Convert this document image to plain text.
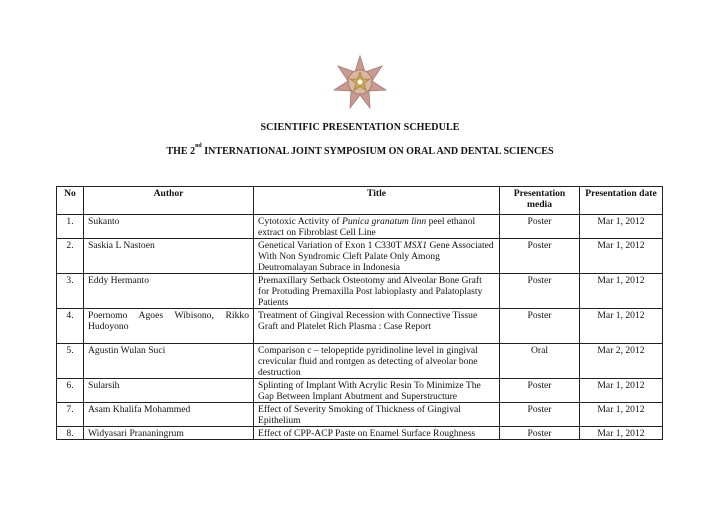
SCIENTIFIC PRESENTATION SCHEDULE
THE 2nd INTERNATIONAL JOINT SYMPOSIUM ON ORAL AND DENTAL SCIENCES
No	Author	Title	Presentation media	Presentation date
1.	Sukanto	Cytotoxic Activity of Punica granatum linn peel ethanol extract on Fibroblast Cell Line	Poster	Mar 1, 2012
2.	Saskia L Nastoen	Genetical Variation of Exon 1 C330T MSX1 Gene Associated With Non Syndromic Cleft Palate Only Among Deutromalayan Subrace in Indonesia	Poster	Mar 1, 2012
3.	Eddy Hermanto	Premaxillary Setback Osteotomy and Alveolar Bone Graft for Protuding Premaxilla Post labioplasty and Palatoplasty Patients	Poster	Mar 1, 2012
4.	Poernomo Agoes Wibisono, Rikko Hudoyono	Treatment of Gingival Recession with Connective Tissue Graft and Platelet Rich Plasma : Case Report	Poster	Mar 1, 2012
5.	Agustin Wulan Suci	Comparison c – telopeptide pyridinoline level in gingival crevicular fluid and rontgen as detecting of alveolar bone destruction	Oral	Mar 2, 2012
6.	Sularsih	Splinting of Implant With Acrylic Resin To Minimize The Gap Between Implant Abutment and Superstructure	Poster	Mar 1, 2012
7.	Asam Khalifa Mohammed	Effect of Severity Smoking of Thickness of Gingival Epithelium	Poster	Mar 1, 2012
8.	Widyasari Prananingrum	Effect of CPP-ACP Paste on Enamel Surface Roughness	Poster	Mar 1, 2012
